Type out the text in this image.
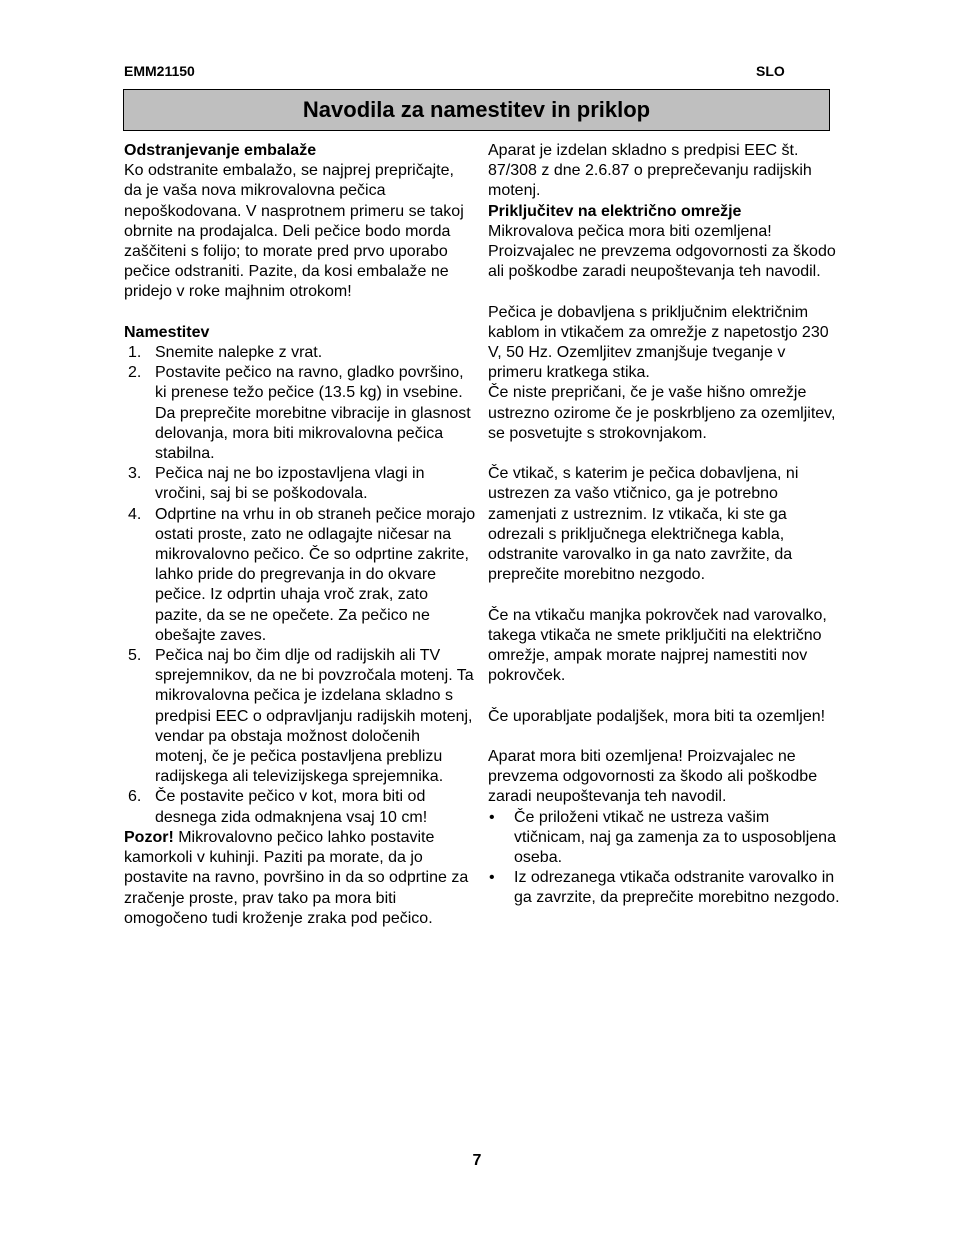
EMM21150	SLO
Navodila za namestitev in priklop

Odstranjevanje embalaže

Ko odstranite embalažo, se najprej prepričajte, da je vaša nova mikrovalovna pečica nepoškodovana. V nasprotnem primeru se takoj obrnite na prodajalca. Deli pečice bodo morda zaščiteni s folijo; to morate pred prvo uporabo pečice odstraniti. Pazite, da kosi embalaže ne pridejo v roke majhnim otrokom!

Namestitev

1. Snemite nalepke z vrat.
2. Postavite pečico na ravno, gladko površino, ki prenese težo pečice (13.5 kg) in vsebine. Da preprečite morebitne vibracije in glasnost delovanja, mora biti mikrovalovna pečica stabilna.
3. Pečica naj ne bo izpostavljena vlagi in vročini, saj bi se poškodovala.
4. Odprtine na vrhu in ob straneh pečice morajo ostati proste, zato ne odlagajte ničesar na mikrovalovno pečico. Če so odprtine zakrite, lahko pride do pregrevanja in do okvare pečice. Iz odprtin uhaja vroč zrak, zato pazite, da se ne opečete. Za pečico ne obešajte zaves.
5. Pečica naj bo čim dlje od radijskih ali TV sprejemnikov, da ne bi povzročala motenj. Ta mikrovalovna pečica je izdelana skladno s predpisi EEC o odpravljanju radijskih motenj, vendar pa obstaja možnost določenih motenj, če je pečica postavljena preblizu radijskega ali televizijskega sprejemnika.
6. Če postavite pečico v kot, mora biti od desnega zida odmaknjena vsaj 10 cm!

Pozor! Mikrovalovno pečico lahko postavite kamorkoli v kuhinji. Paziti pa morate, da jo postavite na ravno, površino in da so odprtine za zračenje proste, prav tako pa mora biti omogočeno tudi kroženje zraka pod pečico.

Aparat je izdelan skladno s predpisi EEC št. 87/308 z dne 2.6.87 o preprečevanju radijskih motenj.

Priključitev na električno omrežje

Mikrovalova pečica mora biti ozemljena! Proizvajalec ne prevzema odgovornosti za škodo ali poškodbe zaradi neupoštevanja teh navodil.

Pečica je dobavljena s priključnim električnim kablom in vtikačem za omrežje z napetostjo 230 V, 50 Hz. Ozemljitev zmanjšuje tveganje v primeru kratkega stika.

Če niste prepričani, če je vaše hišno omrežje ustrezno ozirome če je poskrbljeno za ozemljitev, se posvetujte s strokovnjakom.

Če vtikač, s katerim je pečica dobavljena, ni ustrezen za vašo vtičnico, ga je potrebno zamenjati z ustreznim. Iz vtikača, ki ste ga odrezali s priključnega električnega kabla, odstranite varovalko in ga nato zavržite, da preprečite morebitno nezgodo.

Če na vtikaču manjka pokrovček nad varovalko, takega vtikača ne smete priključiti na električno omrežje, ampak morate najprej namestiti nov pokrovček.

Če uporabljate podaljšek, mora biti ta ozemljen!

Aparat mora biti ozemljena! Proizvajalec ne prevzema odgovornosti za škodo ali poškodbe zaradi neupoštevanja teh navodil.

• Če priloženi vtikač ne ustreza vašim vtičnicam, naj ga zamenja za to usposobljena oseba.
• Iz odrezanega vtikača odstranite varovalko in ga zavrzite, da preprečite morebitno nezgodo.
7
